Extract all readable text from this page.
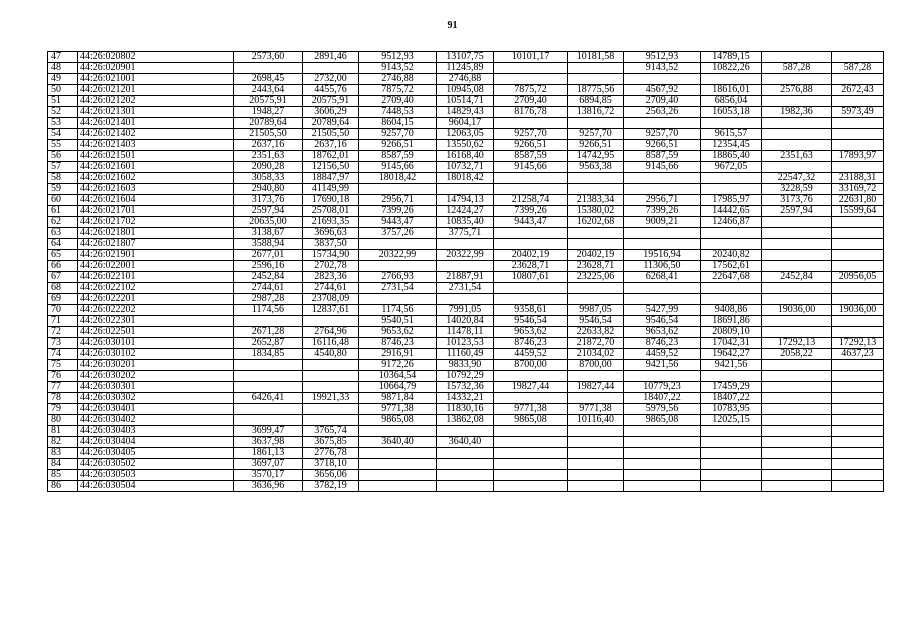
91
47	44:26:020802	2573,60	2891,46	9512,93	13107,75	10101,17	10181,58	9512,93	14789,15		
48	44:26:020901			9143,52	11245,89			9143,52	10822,26	587,28	587,28
49	44:26:021001	2698,45	2732,00	2746,88	2746,88						
50	44:26:021201	2443,64	4455,76	7875,72	10945,08	7875,72	18775,56	4567,92	18616,01	2576,88	2672,43
51	44:26:021202	20575,91	20575,91	2709,40	10514,71	2709,40	6894,85	2709,40	6856,04		
52	44:26:021301	1948,27	3606,29	7448,53	14829,43	8176,78	13816,72	2563,26	16053,18	1982,36	5973,49
53	44:26:021401	20789,64	20789,64	8604,15	9604,17						
54	44:26:021402	21505,50	21505,50	9257,70	12063,05	9257,70	9257,70	9257,70	9615,57		
55	44:26:021403	2637,16	2637,16	9266,51	13550,62	9266,51	9266,51	9266,51	12354,45		
56	44:26:021501	2351,63	18762,01	8587,59	16168,40	8587,59	14742,95	8587,59	18865,40	2351,63	17893,97
57	44:26:021601	2090,28	12156,50	9145,66	10732,71	9145,66	9563,38	9145,66	9672,05		
58	44:26:021602	3058,33	18847,97	18018,42	18018,42					22547,32	23188,31
59	44:26:021603	2940,80	41149,99							3228,59	33169,72
60	44:26:021604	3173,76	17690,18	2956,71	14794,13	21258,74	21383,34	2956,71	17985,97	3173,76	22631,80
61	44:26:021701	2597,94	25708,01	7399,26	12424,27	7399,26	15380,02	7399,26	14442,65	2597,94	15599,64
62	44:26:021702	20635,00	21693,35	9443,47	10835,40	9443,47	16202,68	9009,21	12466,87		
63	44:26:021801	3138,67	3696,63	3757,26	3775,71						
64	44:26:021807	3588,94	3837,50								
65	44:26:021901	2677,01	15734,90	20322,99	20322,99	20402,19	20402,19	19516,94	20240,82		
66	44:26:022001	2596,16	2702,78			23628,71	23628,71	11306,50	17562,61		
67	44:26:022101	2452,84	2823,36	2766,93	21887,91	10807,61	23225,06	6268,41	22647,68	2452,84	20956,05
68	44:26:022102	2744,61	2744,61	2731,54	2731,54						
69	44:26:022201	2987,28	23708,09								
70	44:26:022202	1174,56	12837,61	1174,56	7991,05	9358,61	9987,05	5427,99	9408,86	19036,00	19036,00
71	44:26:022301			9540,51	14020,84	9546,54	9546,54	9546,54	18691,86		
72	44:26:022501	2671,28	2764,96	9653,62	11478,11	9653,62	22633,82	9653,62	20809,10		
73	44:26:030101	2652,87	16116,48	8746,23	10123,53	8746,23	21872,70	8746,23	17042,31	17292,13	17292,13
74	44:26:030102	1834,85	4540,80	2916,91	11160,49	4459,52	21034,02	4459,52	19642,27	2058,22	4637,23
75	44:26:030201			9172,26	9833,90	8700,00	8700,00	9421,56	9421,56		
76	44:26:030202			10364,54	10792,29						
77	44:26:030301			10664,79	15732,36	19827,44	19827,44	10779,23	17459,29		
78	44:26:030302	6426,41	19921,33	9871,84	14332,21			18407,22	18407,22		
79	44:26:030401			9771,38	11830,16	9771,38	9771,38	5979,56	10783,95		
80	44:26:030402			9865,08	13862,08	9865,08	10116,40	9865,08	12025,15		
81	44:26:030403	3699,47	3765,74								
82	44:26:030404	3637,98	3675,85	3640,40	3640,40						
83	44:26:030405	1861,13	2776,78								
84	44:26:030502	3697,07	3718,10								
85	44:26:030503	3570,17	3656,06								
86	44:26:030504	3636,96	3782,19								
